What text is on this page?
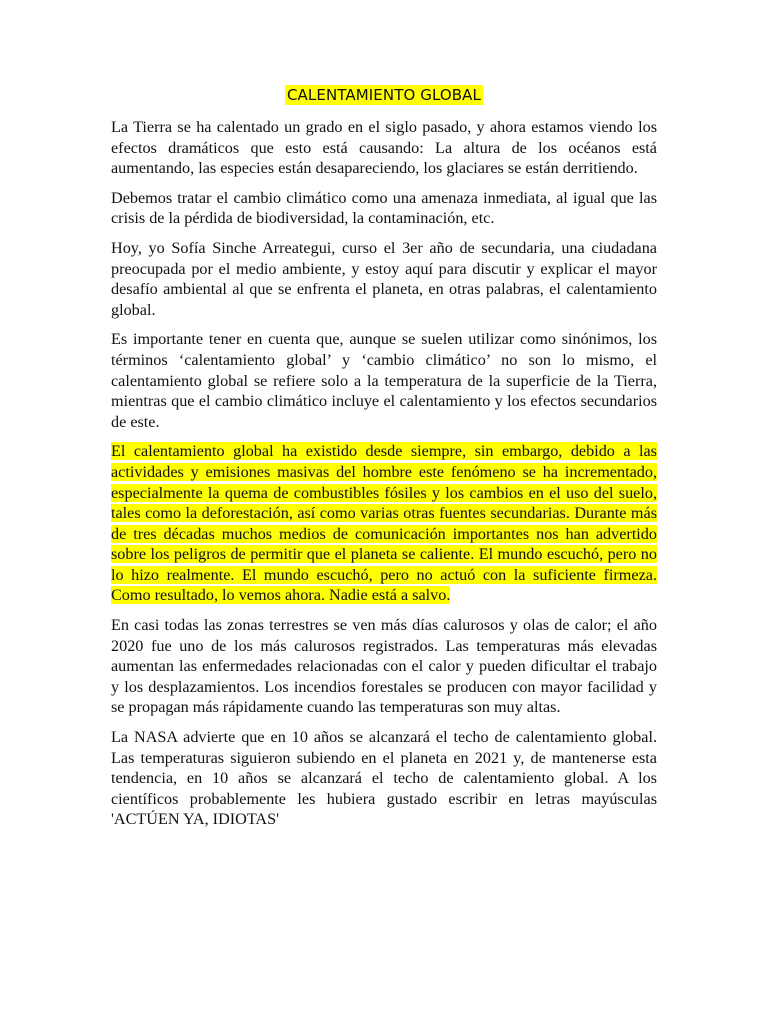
CALENTAMIENTO GLOBAL

La Tierra se ha calentado un grado en el siglo pasado, y ahora estamos viendo los efectos dramáticos que esto está causando: La altura de los océanos está aumentando, las especies están desapareciendo, los glaciares se están derritiendo.

Debemos tratar el cambio climático como una amenaza inmediata, al igual que las crisis de la pérdida de biodiversidad, la contaminación, etc.

Hoy, yo Sofía Sinche Arreategui, curso el 3er año de secundaria, una ciudadana preocupada por el medio ambiente, y estoy aquí para discutir y explicar el mayor desafío ambiental al que se enfrenta el planeta, en otras palabras, el calentamiento global.

Es importante tener en cuenta que, aunque se suelen utilizar como sinónimos, los términos ‘calentamiento global’ y ‘cambio climático’ no son lo mismo, el calentamiento global se refiere solo a la temperatura de la superficie de la Tierra, mientras que el cambio climático incluye el calentamiento y los efectos secundarios de este.

El calentamiento global ha existido desde siempre, sin embargo, debido a las actividades y emisiones masivas del hombre este fenómeno se ha incrementado, especialmente la quema de combustibles fósiles y los cambios en el uso del suelo, tales como la deforestación, así como varias otras fuentes secundarias. Durante más de tres décadas muchos medios de comunicación importantes nos han advertido sobre los peligros de permitir que el planeta se caliente. El mundo escuchó, pero no lo hizo realmente. El mundo escuchó, pero no actuó con la suficiente firmeza. Como resultado, lo vemos ahora. Nadie está a salvo.

En casi todas las zonas terrestres se ven más días calurosos y olas de calor; el año 2020 fue uno de los más calurosos registrados. Las temperaturas más elevadas aumentan las enfermedades relacionadas con el calor y pueden dificultar el trabajo y los desplazamientos. Los incendios forestales se producen con mayor facilidad y se propagan más rápidamente cuando las temperaturas son muy altas.

La NASA advierte que en 10 años se alcanzará el techo de calentamiento global. Las temperaturas siguieron subiendo en el planeta en 2021 y, de mantenerse esta tendencia, en 10 años se alcanzará el techo de calentamiento global. A los científicos probablemente les hubiera gustado escribir en letras mayúsculas 'ACTÚEN YA, IDIOTAS'
